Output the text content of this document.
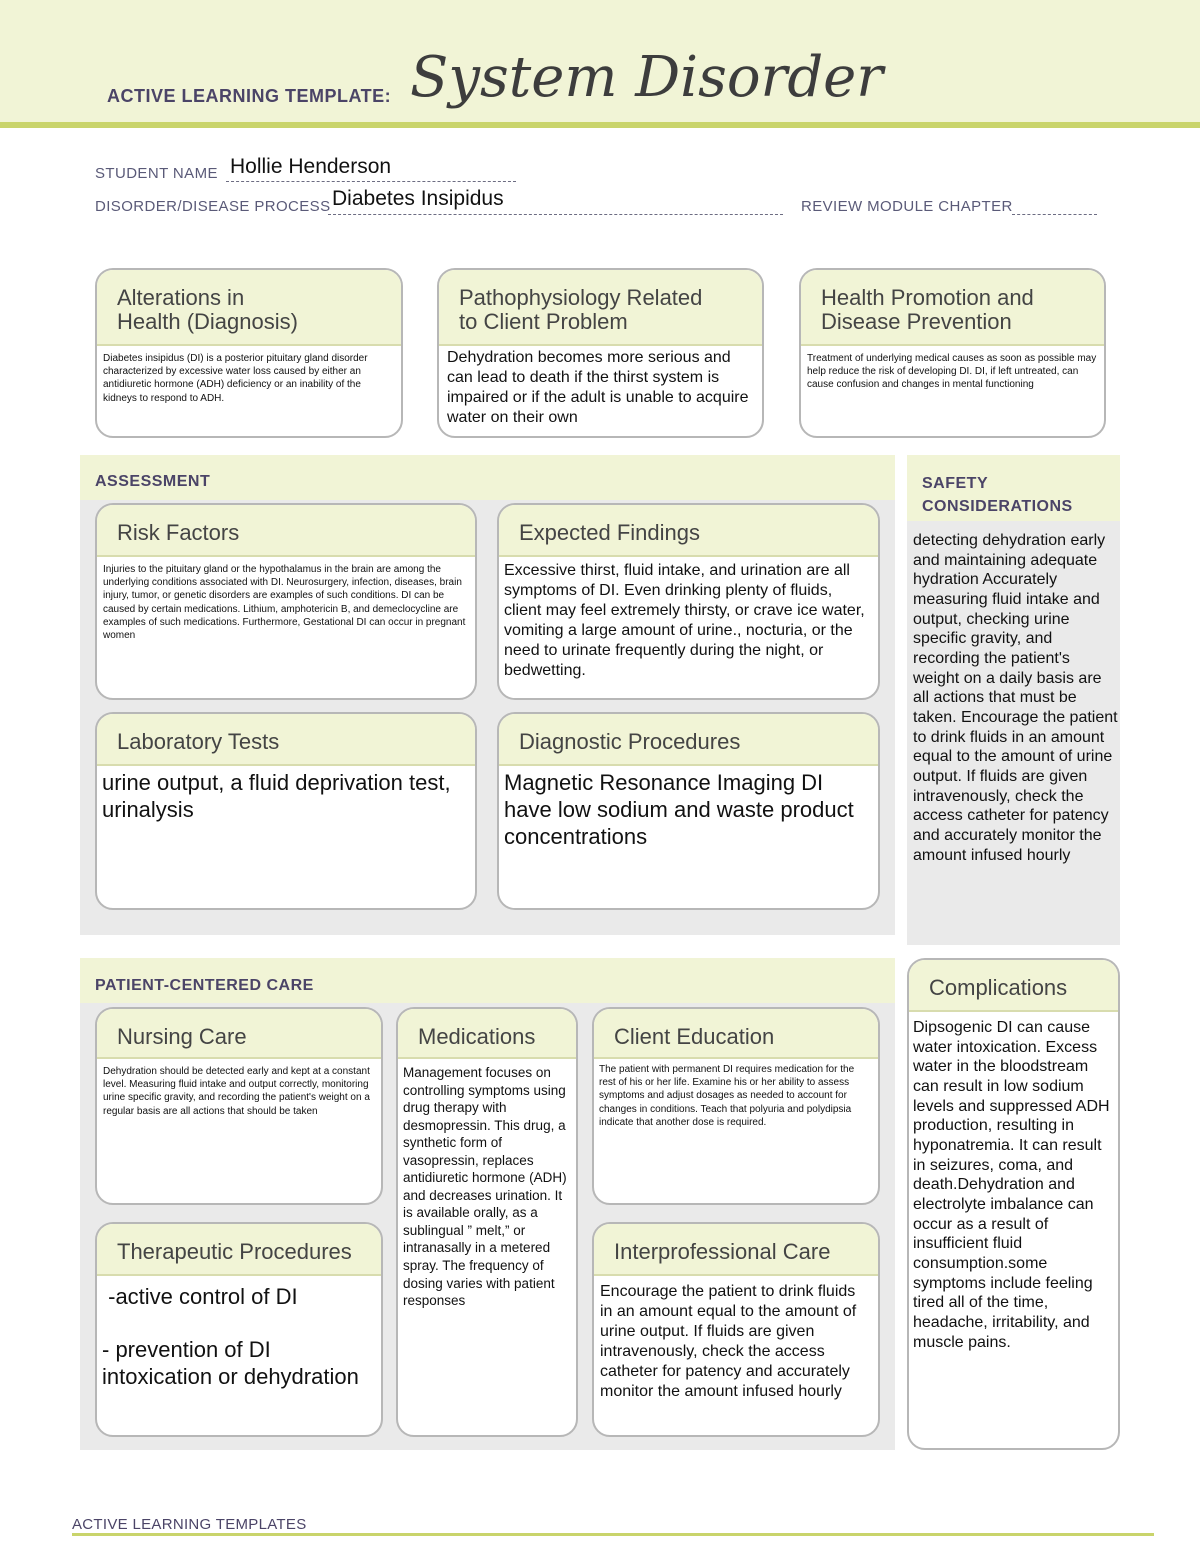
ACTIVE LEARNING TEMPLATE: System Disorder
STUDENT NAME Hollie Henderson
DISORDER/DISEASE PROCESS Diabetes Insipidus	REVIEW MODULE CHAPTER
Alterations in
Health (Diagnosis)
Diabetes insipidus (DI) is a posterior pituitary gland disorder characterized by excessive water loss caused by either an antidiuretic hormone (ADH) deficiency or an inability of the kidneys to respond to ADH.
Pathophysiology Related
to Client Problem
Dehydration becomes more serious and can lead to death if the thirst system is impaired or if the adult is unable to acquire water on their own
Health Promotion and
Disease Prevention
Treatment of underlying medical causes as soon as possible may help reduce the risk of developing DI. DI, if left untreated, can cause confusion and changes in mental functioning
ASSESSMENT
Risk Factors
Injuries to the pituitary gland or the hypothalamus in the brain are among the underlying conditions associated with DI. Neurosurgery, infection, diseases, brain injury, tumor, or genetic disorders are examples of such conditions. DI can be caused by certain medications. Lithium, amphotericin B, and demeclocycline are examples of such medications. Furthermore, Gestational DI can occur in pregnant women
Expected Findings
Excessive thirst, fluid intake, and urination are all symptoms of DI. Even drinking plenty of fluids, client may feel extremely thirsty, or crave ice water, vomiting a large amount of urine., nocturia, or the need to urinate frequently during the night, or bedwetting.
Laboratory Tests
urine output, a fluid deprivation test, urinalysis
Diagnostic Procedures
Magnetic Resonance Imaging DI have low sodium and waste product concentrations
SAFETY
CONSIDERATIONS
detecting dehydration early and maintaining adequate hydration Accurately measuring fluid intake and output, checking urine specific gravity, and recording the patient's weight on a daily basis are all actions that must be taken. Encourage the patient to drink fluids in an amount equal to the amount of urine output. If fluids are given intravenously, check the access catheter for patency and accurately monitor the amount infused hourly
PATIENT-CENTERED CARE
Nursing Care
Dehydration should be detected early and kept at a constant level. Measuring fluid intake and output correctly, monitoring urine specific gravity, and recording the patient's weight on a regular basis are all actions that should be taken
Medications
Management focuses on controlling symptoms using drug therapy with desmopressin. This drug, a synthetic form of vasopressin, replaces antidiuretic hormone (ADH) and decreases urination. It is available orally, as a sublingual ” melt,” or intranasally in a metered spray. The frequency of dosing varies with patient responses
Client Education
The patient with permanent DI requires medication for the rest of his or her life. Examine his or her ability to assess symptoms and adjust dosages as needed to account for changes in conditions. Teach that polyuria and polydipsia indicate that another dose is required.
Therapeutic Procedures
-active control of DI
- prevention of DI intoxication or dehydration
Interprofessional Care
Encourage the patient to drink fluids in an amount equal to the amount of urine output. If fluids are given intravenously, check the access catheter for patency and accurately monitor the amount infused hourly
Complications
Dipsogenic DI can cause water intoxication. Excess water in the bloodstream can result in low sodium levels and suppressed ADH production, resulting in hyponatremia. It can result in seizures, coma, and death.Dehydration and electrolyte imbalance can occur as a result of insufficient fluid consumption.some symptoms include feeling tired all of the time, headache, irritability, and muscle pains.
ACTIVE LEARNING TEMPLATES
